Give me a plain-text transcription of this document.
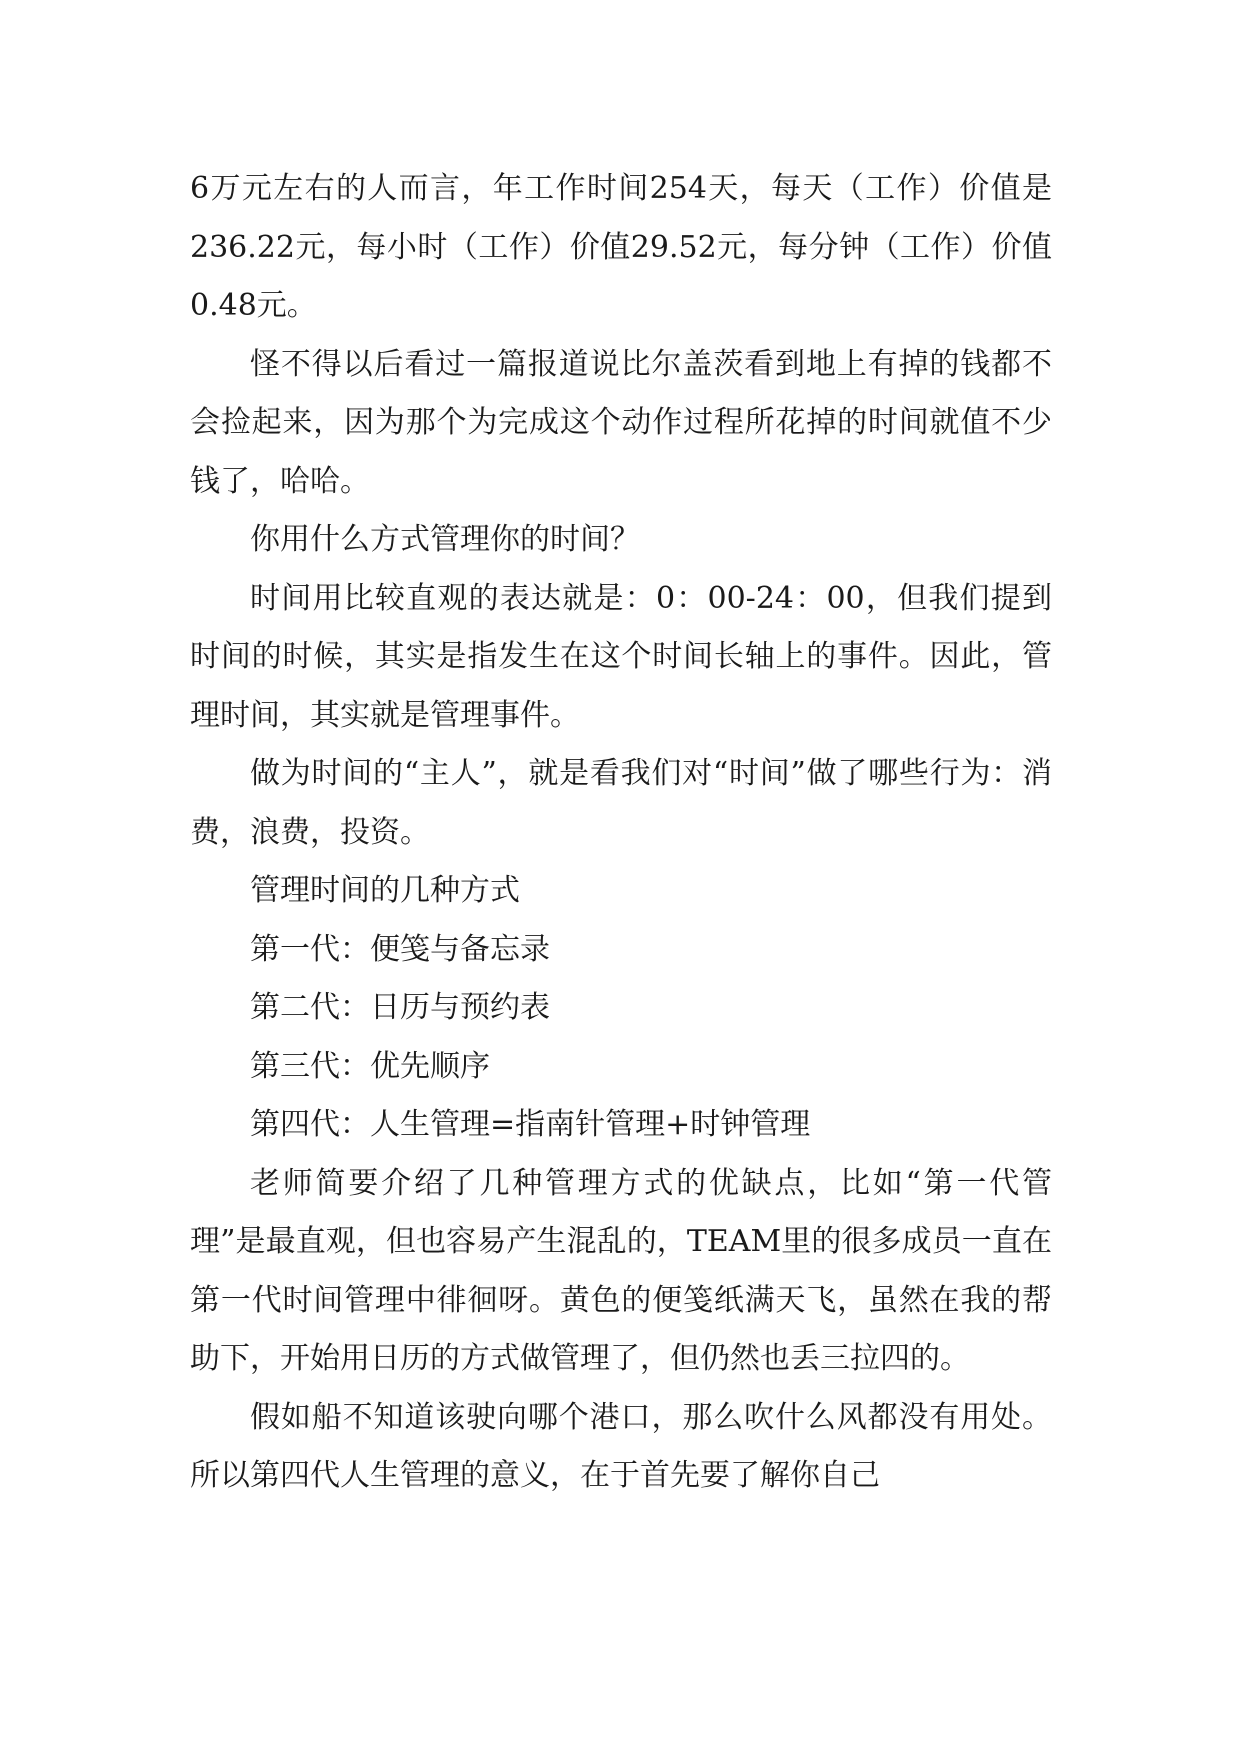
6万元左右的人而言，年工作时间254天，每天（工作）价值是236.22元，每小时（工作）价值29.52元，每分钟（工作）价值0.48元。

怪不得以后看过一篇报道说比尔盖茨看到地上有掉的钱都不会捡起来，因为那个为完成这个动作过程所花掉的时间就值不少钱了，哈哈。

你用什么方式管理你的时间？

时间用比较直观的表达就是：0：00-24：00，但我们提到时间的时候，其实是指发生在这个时间长轴上的事件。因此，管理时间，其实就是管理事件。

做为时间的“主人”，就是看我们对“时间”做了哪些行为：消费，浪费，投资。

管理时间的几种方式

第一代：便笺与备忘录

第二代：日历与预约表

第三代：优先顺序

第四代：人生管理=指南针管理+时钟管理

老师简要介绍了几种管理方式的优缺点，比如“第一代管理”是最直观，但也容易产生混乱的，TEAM里的很多成员一直在第一代时间管理中徘徊呀。黄色的便笺纸满天飞，虽然在我的帮助下，开始用日历的方式做管理了，但仍然也丢三拉四的。

假如船不知道该驶向哪个港口，那么吹什么风都没有用处。所以第四代人生管理的意义，在于首先要了解你自己
